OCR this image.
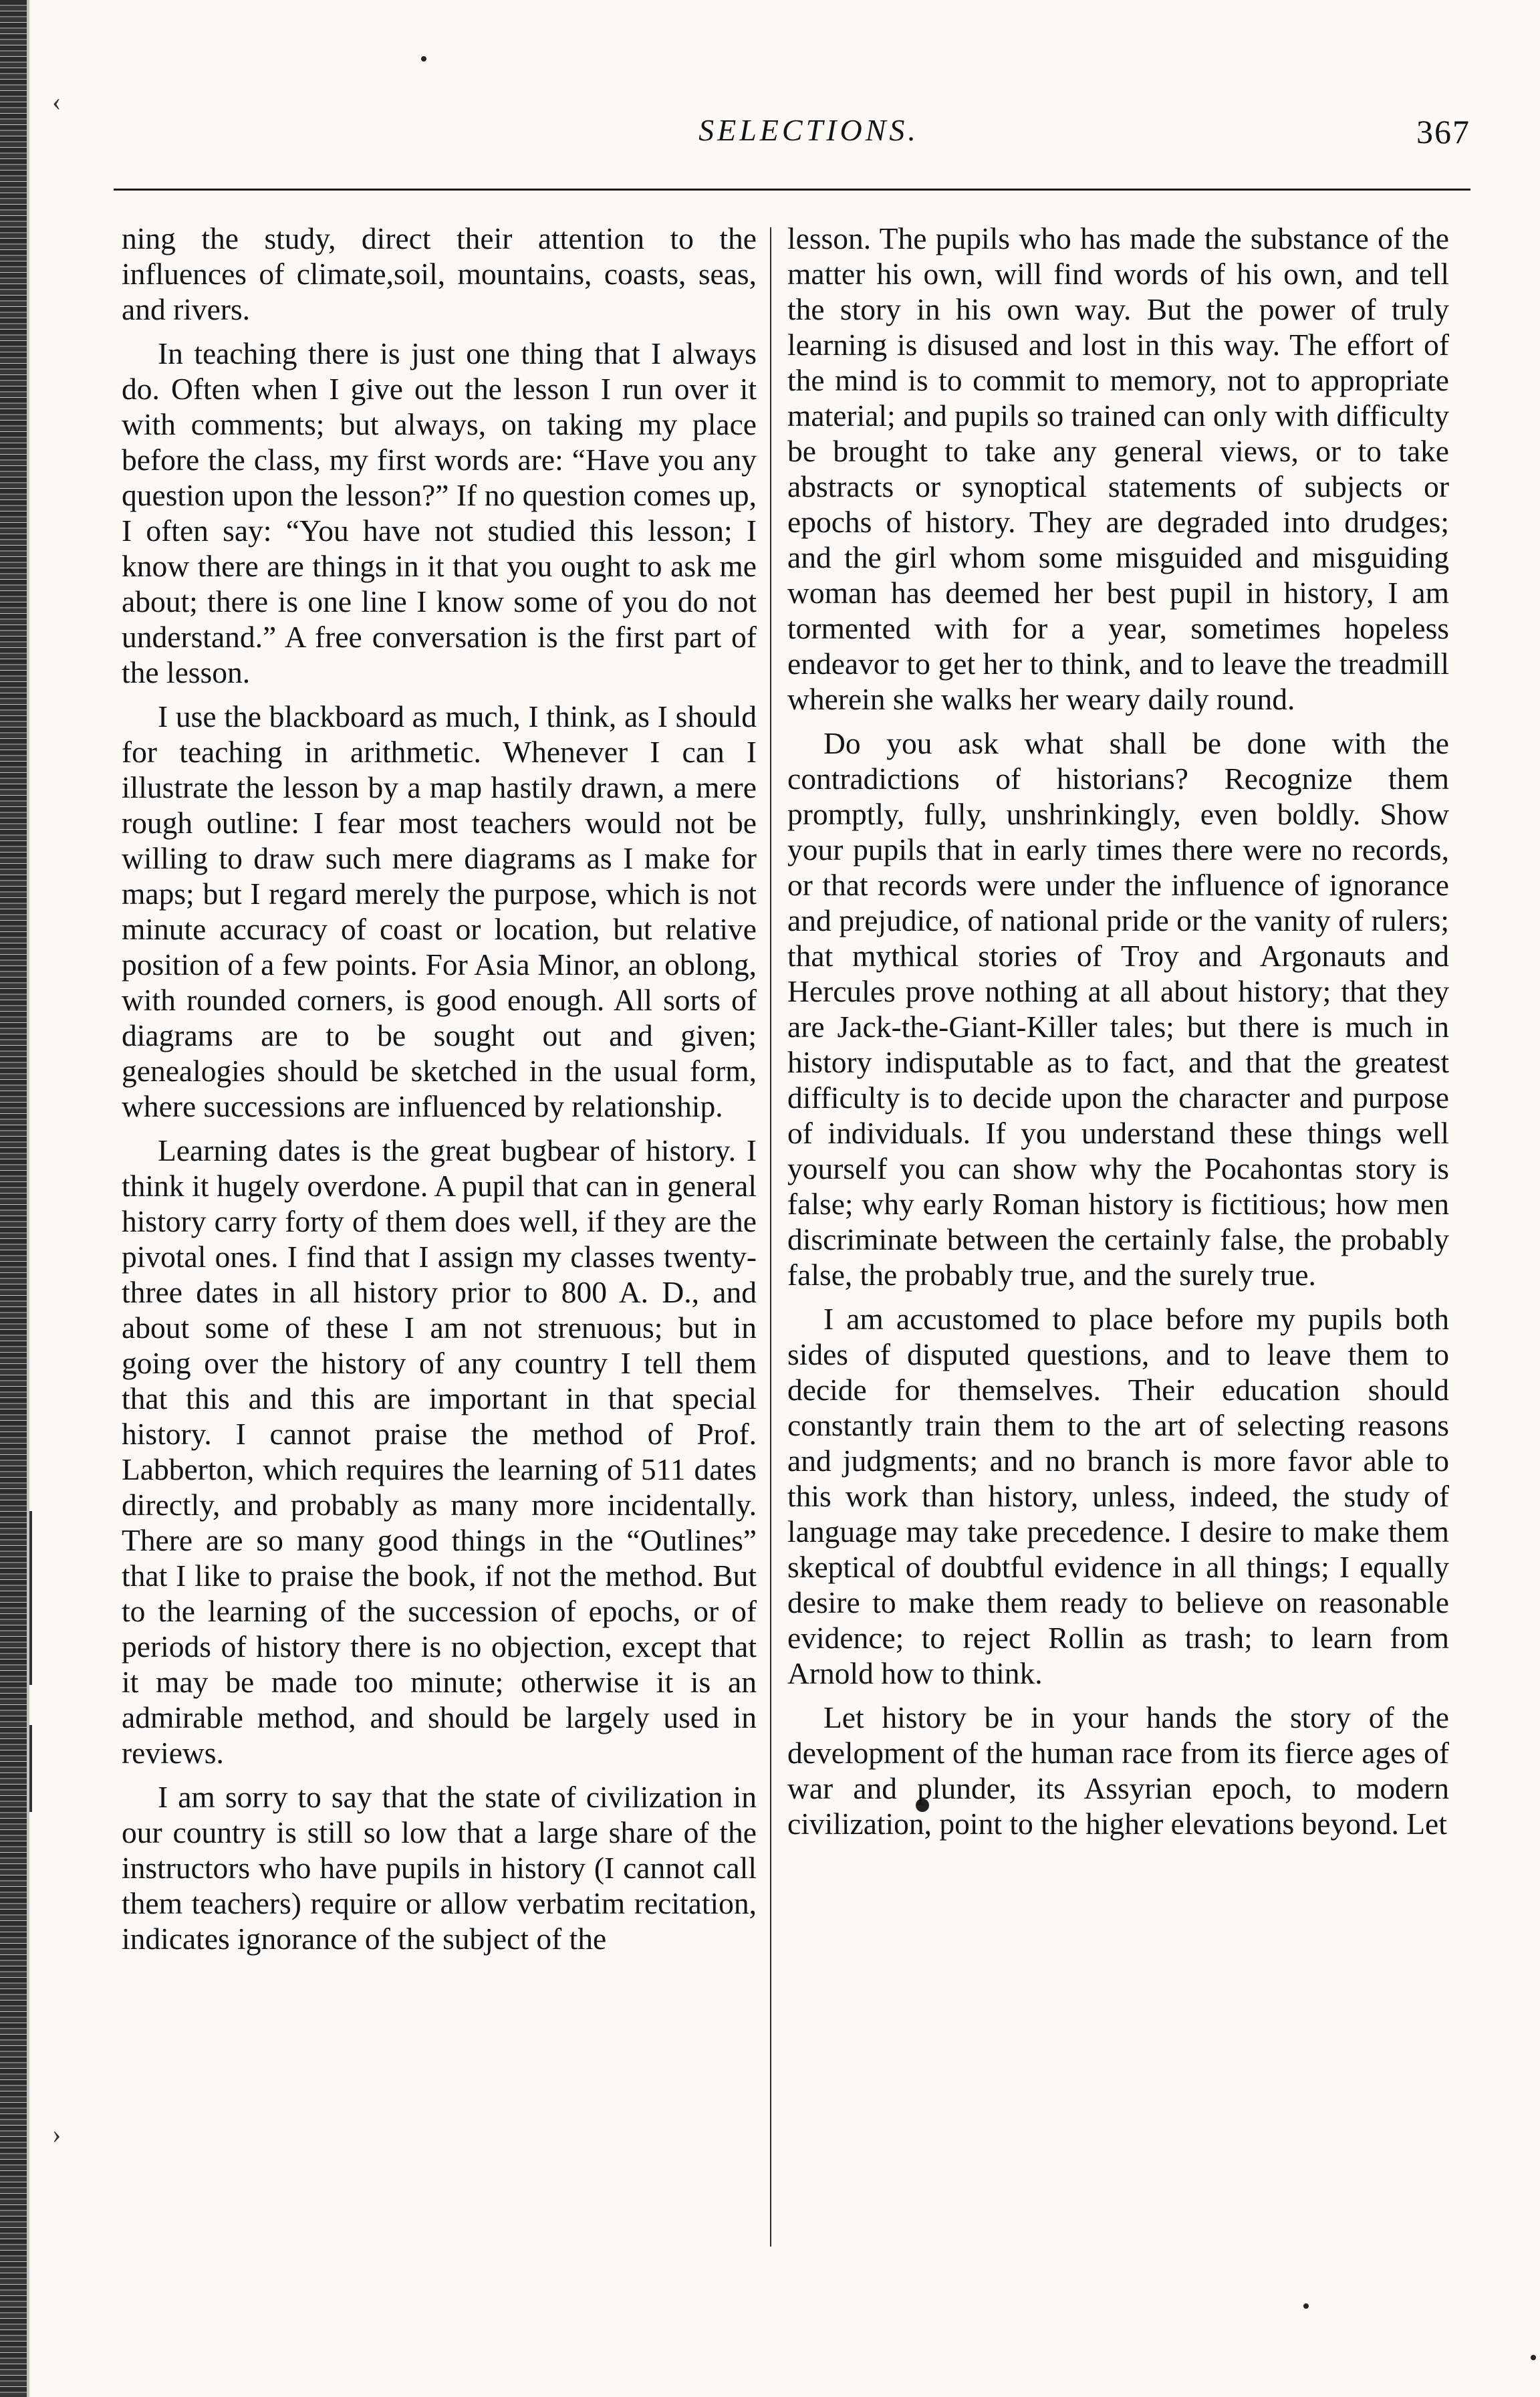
‹
›
SELECTIONS.	367

ning the study, direct their attention to the influences of climate,soil, mountains, coasts, seas, and rivers.

In teaching there is just one thing that I always do. Often when I give out the lesson I run over it with comments; but always, on taking my place before the class, my first words are: “Have you any question upon the lesson?” If no question comes up, I often say: “You have not studied this lesson; I know there are things in it that you ought to ask me about; there is one line I know some of you do not understand.” A free conversation is the first part of the lesson.

I use the blackboard as much, I think, as I should for teaching in arithmetic. Whenever I can I illustrate the lesson by a map hastily drawn, a mere rough outline: I fear most teachers would not be willing to draw such mere diagrams as I make for maps; but I regard merely the purpose, which is not minute accuracy of coast or location, but relative position of a few points. For Asia Minor, an oblong, with rounded corners, is good enough. All sorts of diagrams are to be sought out and given; genealogies should be sketched in the usual form, where successions are influenced by relationship.

Learning dates is the great bugbear of history. I think it hugely overdone. A pupil that can in general history carry forty of them does well, if they are the pivotal ones. I find that I assign my classes twenty-three dates in all history prior to 800 A. D., and about some of these I am not strenuous; but in going over the history of any country I tell them that this and this are important in that special history. I cannot praise the method of Prof. Labberton, which requires the learning of 511 dates directly, and probably as many more incidentally. There are so many good things in the “Outlines” that I like to praise the book, if not the method. But to the learning of the succession of epochs, or of periods of history there is no objection, except that it may be made too minute; otherwise it is an admirable method, and should be largely used in reviews.

I am sorry to say that the state of civilization in our country is still so low that a large share of the instructors who have pupils in history (I cannot call them teachers) require or allow verbatim recitation, indicates ignorance of the subject of the

lesson. The pupils who has made the substance of the matter his own, will find words of his own, and tell the story in his own way. But the power of truly learning is disused and lost in this way. The effort of the mind is to commit to memory, not to appropriate material; and pupils so trained can only with difficulty be brought to take any general views, or to take abstracts or synoptical statements of subjects or epochs of history. They are degraded into drudges; and the girl whom some misguided and misguiding woman has deemed her best pupil in history, I am tormented with for a year, sometimes hopeless endeavor to get her to think, and to leave the treadmill wherein she walks her weary daily round.

Do you ask what shall be done with the contradictions of historians? Recognize them promptly, fully, unshrinkingly, even boldly. Show your pupils that in early times there were no records, or that records were under the influence of ignorance and prejudice, of national pride or the vanity of rulers; that mythical stories of Troy and Argonauts and Hercules prove nothing at all about history; that they are Jack-the-Giant-Killer tales; but there is much in history indisputable as to fact, and that the greatest difficulty is to decide upon the character and purpose of individuals. If you understand these things well yourself you can show why the Pocahontas story is false; why early Roman history is fictitious; how men discriminate between the certainly false, the probably false, the probably true, and the surely true.

I am accustomed to place before my pupils both sides of disputed questions, and to leave them to decide for themselves. Their education should constantly train them to the art of selecting reasons and judgments; and no branch is more favor able to this work than history, unless, indeed, the study of language may take precedence. I desire to make them skeptical of doubtful evidence in all things; I equally desire to make them ready to believe on reasonable evidence; to reject Rollin as trash; to learn from Arnold how to think.

Let history be in your hands the story of the development of the human race from its fierce ages of war and plunder, its Assyrian epoch, to modern civilization, point to the higher elevations beyond. Let
